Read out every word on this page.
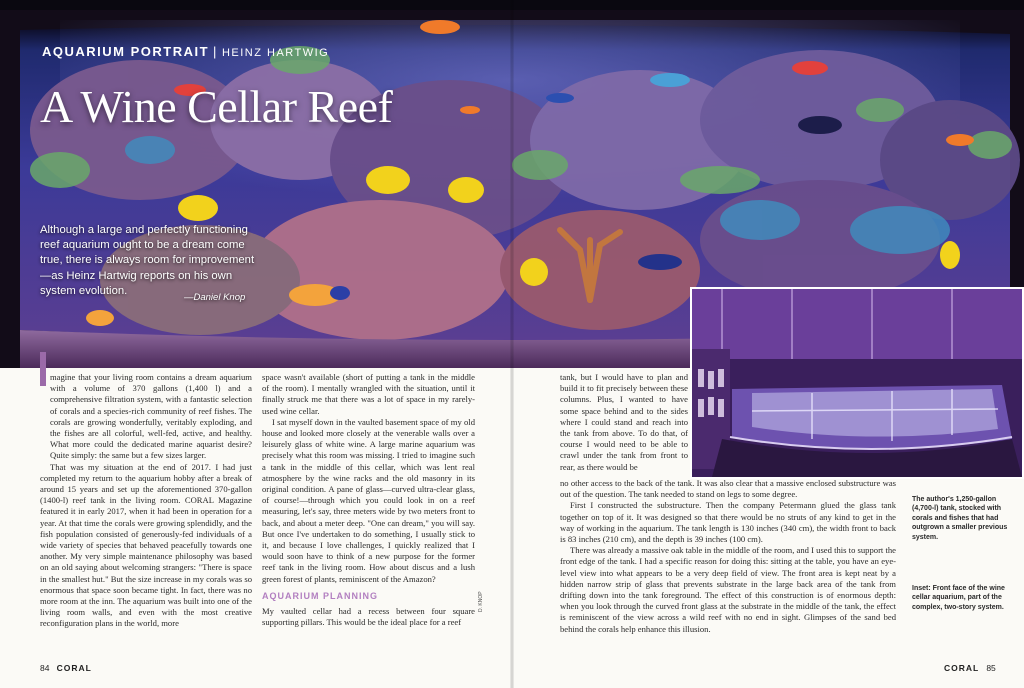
AQUARIUM PORTRAIT | HEINZ HARTWIG
A Wine Cellar Reef
Although a large and perfectly functioning reef aquarium ought to be a dream come true, there is always room for improvement—as Heinz Hartwig reports on his own system evolution.
—Daniel Knop

magine that your living room contains a dream aquarium with a volume of 370 gallons (1,400 l) and a comprehensive filtration system, with a fantastic selection of corals and a species-rich community of reef fishes. The corals are growing wonderfully, veritably exploding, and the fishes are all colorful, well-fed, active, and healthy. What more could the dedicated marine aquarist desire? Quite simply: the same but a few sizes larger.

That was my situation at the end of 2017. I had just completed my return to the aquarium hobby after a break of around 15 years and set up the aforementioned 370-gallon (1400-l) reef tank in the living room. CORAL Magazine featured it in early 2017, when it had been in operation for a year. At that time the corals were growing splendidly, and the fish population consisted of generously-fed individuals of a wide variety of species that behaved peacefully towards one another. My very simple maintenance philosophy was based on an old saying about welcoming strangers: "There is space in the smallest hut." But the size increase in my corals was so enormous that space soon became tight. In fact, there was no more room at the inn. The aquarium was built into one of the living room walls, and even with the most creative reconfiguration plans in the world, more

space wasn't available (short of putting a tank in the middle of the room). I mentally wrangled with the situation, until it finally struck me that there was a lot of space in my rarely-used wine cellar.

I sat myself down in the vaulted basement space of my old house and looked more closely at the venerable walls over a leisurely glass of white wine. A large marine aquarium was precisely what this room was missing. I tried to imagine such a tank in the middle of this cellar, which was lent real atmosphere by the wine racks and the old masonry in its original condition. A pane of glass—curved ultra-clear glass, of course!—through which you could look in on a reef measuring, let's say, three meters wide by two meters front to back, and about a meter deep. "One can dream," you will say. But once I've undertaken to do something, I usually stick to it, and because I love challenges, I quickly realized that I would soon have to think of a new purpose for the former reef tank in the living room. How about discus and a lush green forest of plants, reminiscent of the Amazon?

AQUARIUM PLANNING

My vaulted cellar had a recess between four square supporting pillars. This would be the ideal place for a reef

tank, but I would have to plan and build it to fit precisely between these columns. Plus, I wanted to have some space behind and to the sides where I could stand and reach into the tank from above. To do that, of course I would need to be able to crawl under the tank from front to rear, as there would be

no other access to the back of the tank. It was also clear that a massive enclosed substructure was out of the question. The tank needed to stand on legs to some degree.

First I constructed the substructure. Then the company Petermann glued the glass tank together on top of it. It was designed so that there would be no struts of any kind to get in the way of working in the aquarium. The tank length is 130 inches (340 cm), the width front to back is 83 inches (210 cm), and the depth is 39 inches (100 cm).

There was already a massive oak table in the middle of the room, and I used this to support the front edge of the tank. I had a specific reason for doing this: sitting at the table, you have an eye-level view into what appears to be a very deep field of view. The front area is kept neat by a hidden narrow strip of glass that prevents substrate in the large back area of the tank from drifting down into the tank foreground. The effect of this construction is of enormous depth: when you look through the curved front glass at the substrate in the middle of the tank, the effect is reminiscent of the view across a wild reef with no end in sight. Glimpses of the sand bed behind the corals help enhance this illusion.

D. KNOP
The author's 1,250-gallon (4,700-l) tank, stocked with corals and fishes that had outgrown a smaller previous system.
Inset: Front face of the wine cellar aquarium, part of the complex, two-story system.
84 CORAL	CORAL 85
